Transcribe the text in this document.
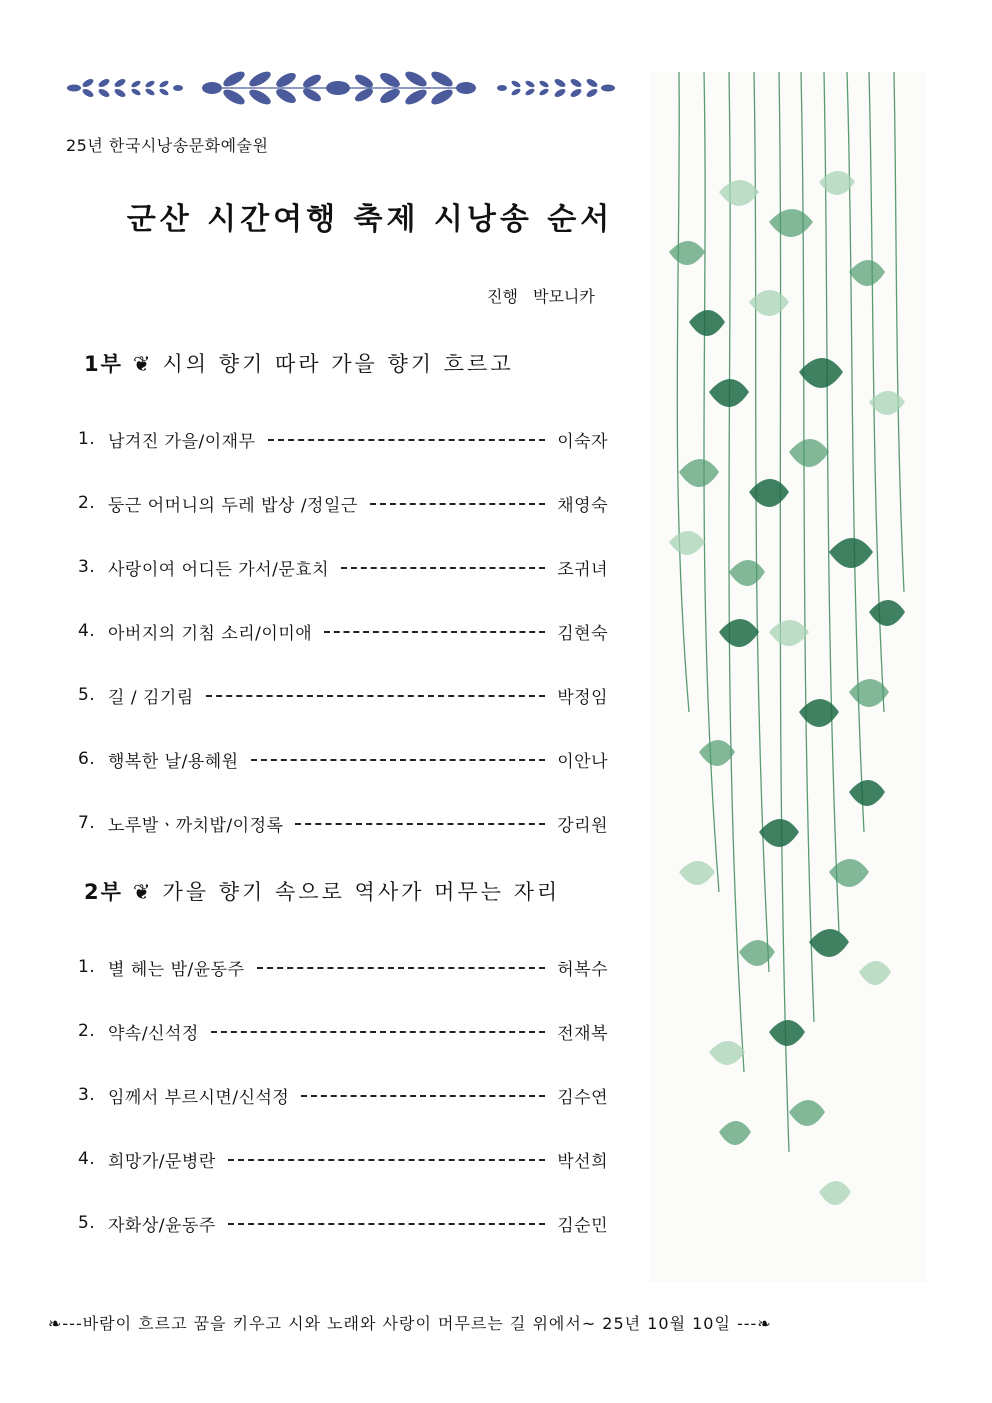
25년 한국시낭송문화예술원
군산 시간여행 축제 시낭송 순서
진행 박모니카
1부 ❦ 시의 향기 따라 가을 향기 흐르고
1. 남겨진 가을/이재무	이숙자
2. 둥근 어머니의 두레 밥상 /정일근	채영숙
3. 사랑이여 어디든 가서/문효치	조귀녀
4. 아버지의 기침 소리/이미애	김현숙
5. 길 / 김기림	박정임
6. 행복한 날/용혜원	이안나
7. 노루발ㆍ까치밥/이정록	강리원
2부 ❦ 가을 향기 속으로 역사가 머무는 자리
1. 별 헤는 밤/윤동주	허복수
2. 약속/신석정	전재복
3. 임께서 부르시면/신석정	김수연
4. 희망가/문병란	박선희
5. 자화상/윤동주	김순민
❧---바람이 흐르고 꿈을 키우고 시와 노래와 사랑이 머무르는 길 위에서~ 25년 10월 10일 ---❧
